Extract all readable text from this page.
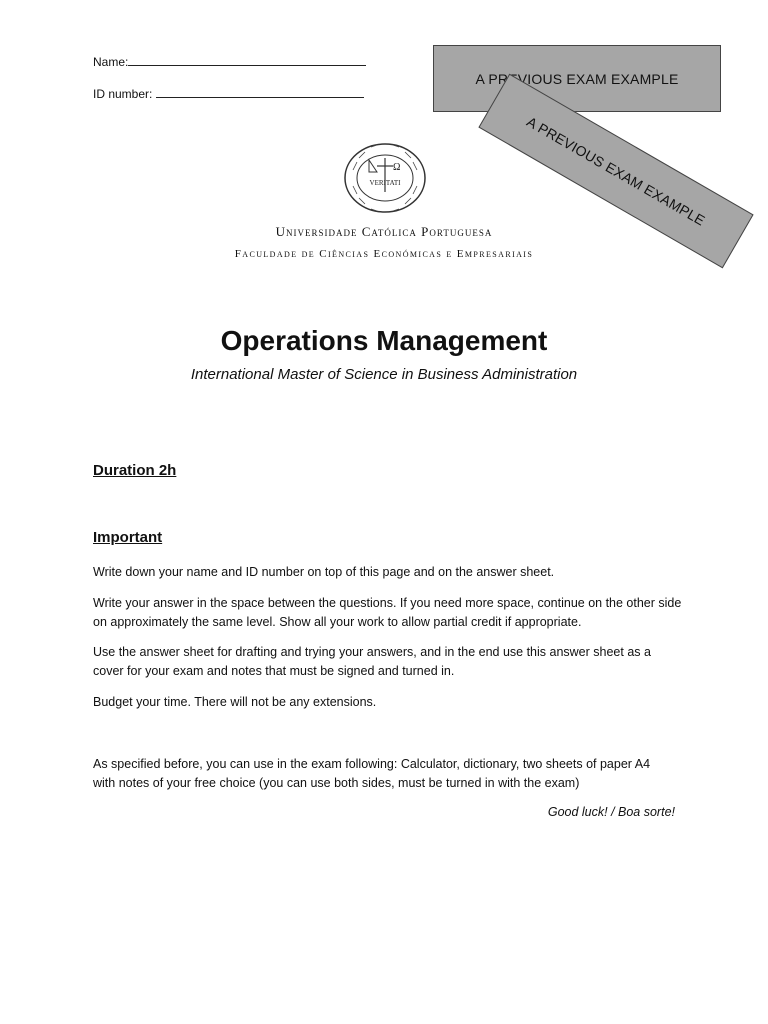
Name:
ID number:
A PREVIOUS EXAM EXAMPLE
A PREVIOUS EXAM EXAMPLE
Ω
VERITATI
Universidade Católica Portuguesa
Faculdade de Ciências Económicas e Empresariais
Operations Management
International Master of Science in Business Administration
Duration 2h
Important
Write down your name and ID number on top of this page and on the answer sheet.
Write your answer in the space between the questions. If you need more space, continue on the other side on approximately the same level. Show all your work to allow partial credit if appropriate.
Use the answer sheet for drafting and trying your answers, and in the end use this answer sheet as a cover for your exam and notes that must be signed and turned in.
Budget your time. There will not be any extensions.
As specified before, you can use in the exam following: Calculator, dictionary, two sheets of paper A4 with notes of your free choice (you can use both sides, must be turned in with the exam)
Good luck! / Boa sorte!
